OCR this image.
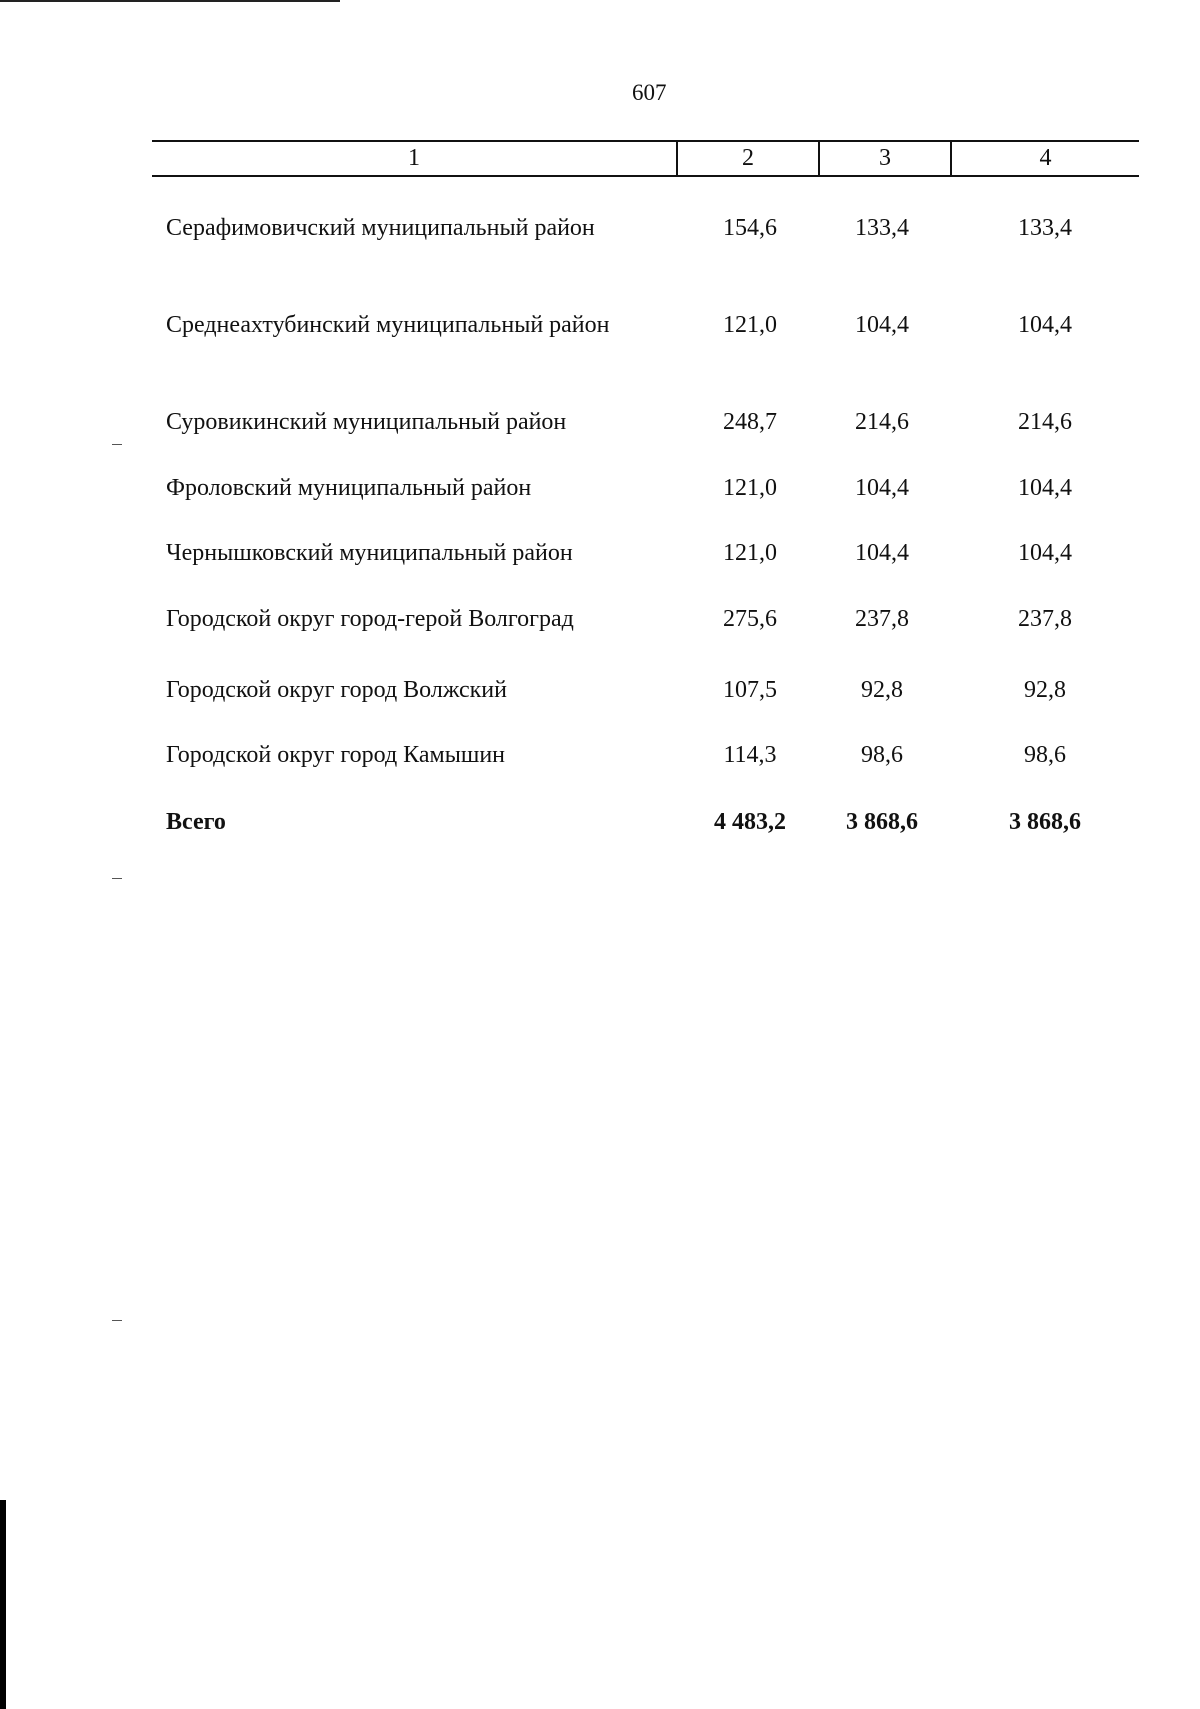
607
1	2	3	4
Серафимовичский муниципальный район	154,6	133,4	133,4
Среднеахтубинский муниципальный район	121,0	104,4	104,4
Суровикинский муниципальный район	248,7	214,6	214,6
Фроловский муниципальный район	121,0	104,4	104,4
Чернышковский муниципальный район	121,0	104,4	104,4
Городской округ город-герой Волгоград	275,6	237,8	237,8
Городской округ город Волжский	107,5	92,8	92,8
Городской округ город Камышин	114,3	98,6	98,6
Всего	4 483,2	3 868,6	3 868,6
